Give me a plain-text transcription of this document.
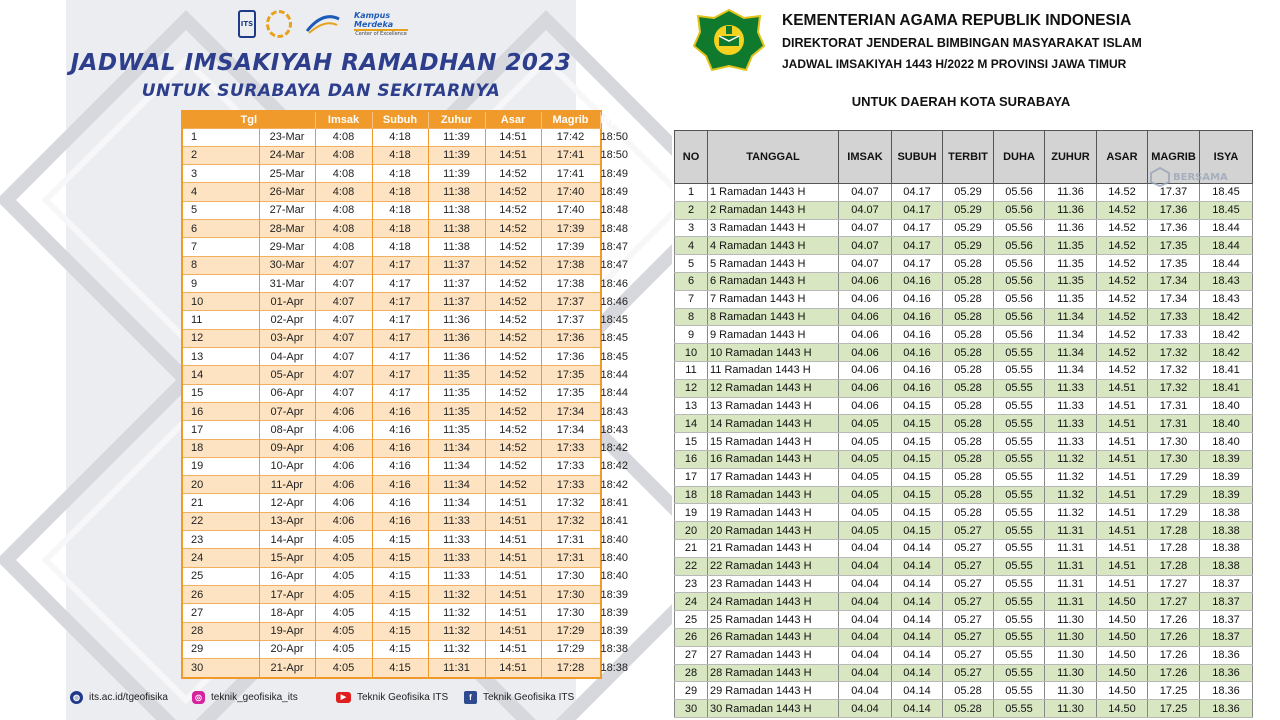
ITS
Kampus Merdeka
Center of Excellence
JADWAL IMSAKIYAH RAMADHAN 2023
UNTUK SURABAYA DAN SEKITARNYA
Tgl		Imsak	Subuh	Zuhur	Asar	Magrib	Isya
1	23-Mar	4:08	4:18	11:39	14:51	17:42	18:50
2	24-Mar	4:08	4:18	11:39	14:51	17:41	18:50
3	25-Mar	4:08	4:18	11:39	14:52	17:41	18:49
4	26-Mar	4:08	4:18	11:38	14:52	17:40	18:49
5	27-Mar	4:08	4:18	11:38	14:52	17:40	18:48
6	28-Mar	4:08	4:18	11:38	14:52	17:39	18:48
7	29-Mar	4:08	4:18	11:38	14:52	17:39	18:47
8	30-Mar	4:07	4:17	11:37	14:52	17:38	18:47
9	31-Mar	4:07	4:17	11:37	14:52	17:38	18:46
10	01-Apr	4:07	4:17	11:37	14:52	17:37	18:46
11	02-Apr	4:07	4:17	11:36	14:52	17:37	18:45
12	03-Apr	4:07	4:17	11:36	14:52	17:36	18:45
13	04-Apr	4:07	4:17	11:36	14:52	17:36	18:45
14	05-Apr	4:07	4:17	11:35	14:52	17:35	18:44
15	06-Apr	4:07	4:17	11:35	14:52	17:35	18:44
16	07-Apr	4:06	4:16	11:35	14:52	17:34	18:43
17	08-Apr	4:06	4:16	11:35	14:52	17:34	18:43
18	09-Apr	4:06	4:16	11:34	14:52	17:33	18:42
19	10-Apr	4:06	4:16	11:34	14:52	17:33	18:42
20	11-Apr	4:06	4:16	11:34	14:52	17:33	18:42
21	12-Apr	4:06	4:16	11:34	14:51	17:32	18:41
22	13-Apr	4:06	4:16	11:33	14:51	17:32	18:41
23	14-Apr	4:05	4:15	11:33	14:51	17:31	18:40
24	15-Apr	4:05	4:15	11:33	14:51	17:31	18:40
25	16-Apr	4:05	4:15	11:33	14:51	17:30	18:40
26	17-Apr	4:05	4:15	11:32	14:51	17:30	18:39
27	18-Apr	4:05	4:15	11:32	14:51	17:30	18:39
28	19-Apr	4:05	4:15	11:32	14:51	17:29	18:39
29	20-Apr	4:05	4:15	11:32	14:51	17:29	18:38
30	21-Apr	4:05	4:15	11:31	14:51	17:28	18:38
◍ its.ac.id/tgeofisika	◎ teknik_geofisika_its	▶	Teknik Geofisika ITS	f	Teknik Geofisika ITS
KEMENTERIAN AGAMA REPUBLIK INDONESIA
DIREKTORAT JENDERAL BIMBINGAN MASYARAKAT ISLAM
JADWAL IMSAKIYAH 1443 H/2022 M PROVINSI JAWA TIMUR
UNTUK DAERAH KOTA SURABAYA
NO	TANGGAL	IMSAK	SUBUH	TERBIT	DUHA	ZUHUR	ASAR	MAGRIB	ISYA
1	1 Ramadan 1443 H	04.07	04.17	05.29	05.56	11.36	14.52	17.37	18.45
2	2 Ramadan 1443 H	04.07	04.17	05.29	05.56	11.36	14.52	17.36	18.45
3	3 Ramadan 1443 H	04.07	04.17	05.29	05.56	11.36	14.52	17.36	18.44
4	4 Ramadan 1443 H	04.07	04.17	05.29	05.56	11.35	14.52	17.35	18.44
5	5 Ramadan 1443 H	04.07	04.17	05.28	05.56	11.35	14.52	17.35	18.44
6	6 Ramadan 1443 H	04.06	04.16	05.28	05.56	11.35	14.52	17.34	18.43
7	7 Ramadan 1443 H	04.06	04.16	05.28	05.56	11.35	14.52	17.34	18.43
8	8 Ramadan 1443 H	04.06	04.16	05.28	05.56	11.34	14.52	17.33	18.42
9	9 Ramadan 1443 H	04.06	04.16	05.28	05.56	11.34	14.52	17.33	18.42
10	10 Ramadan 1443 H	04.06	04.16	05.28	05.55	11.34	14.52	17.32	18.42
11	11 Ramadan 1443 H	04.06	04.16	05.28	05.55	11.34	14.52	17.32	18.41
12	12 Ramadan 1443 H	04.06	04.16	05.28	05.55	11.33	14.51	17.32	18.41
13	13 Ramadan 1443 H	04.06	04.15	05.28	05.55	11.33	14.51	17.31	18.40
14	14 Ramadan 1443 H	04.05	04.15	05.28	05.55	11.33	14.51	17.31	18.40
15	15 Ramadan 1443 H	04.05	04.15	05.28	05.55	11.33	14.51	17.30	18.40
16	16 Ramadan 1443 H	04.05	04.15	05.28	05.55	11.32	14.51	17.30	18.39
17	17 Ramadan 1443 H	04.05	04.15	05.28	05.55	11.32	14.51	17.29	18.39
18	18 Ramadan 1443 H	04.05	04.15	05.28	05.55	11.32	14.51	17.29	18.39
19	19 Ramadan 1443 H	04.05	04.15	05.28	05.55	11.32	14.51	17.29	18.38
20	20 Ramadan 1443 H	04.05	04.15	05.27	05.55	11.31	14.51	17.28	18.38
21	21 Ramadan 1443 H	04.04	04.14	05.27	05.55	11.31	14.51	17.28	18.38
22	22 Ramadan 1443 H	04.04	04.14	05.27	05.55	11.31	14.51	17.28	18.38
23	23 Ramadan 1443 H	04.04	04.14	05.27	05.55	11.31	14.51	17.27	18.37
24	24 Ramadan 1443 H	04.04	04.14	05.27	05.55	11.31	14.50	17.27	18.37
25	25 Ramadan 1443 H	04.04	04.14	05.27	05.55	11.30	14.50	17.26	18.37
26	26 Ramadan 1443 H	04.04	04.14	05.27	05.55	11.30	14.50	17.26	18.37
27	27 Ramadan 1443 H	04.04	04.14	05.27	05.55	11.30	14.50	17.26	18.36
28	28 Ramadan 1443 H	04.04	04.14	05.27	05.55	11.30	14.50	17.26	18.36
29	29 Ramadan 1443 H	04.04	04.14	05.28	05.55	11.30	14.50	17.25	18.36
30	30 Ramadan 1443 H	04.04	04.14	05.28	05.55	11.30	14.50	17.25	18.36
BERSAMA
